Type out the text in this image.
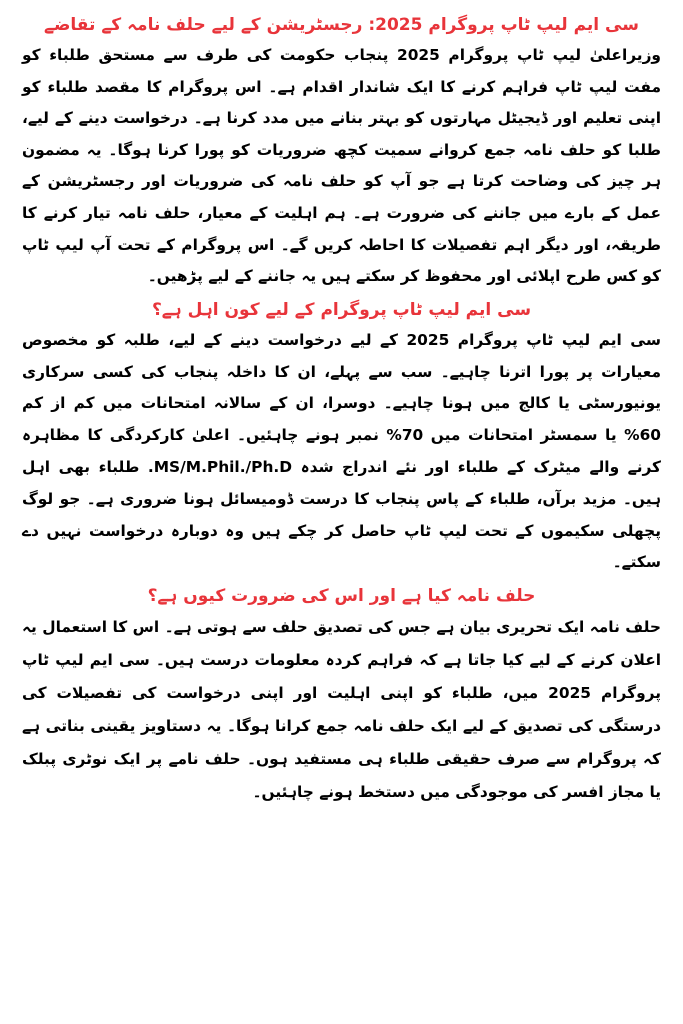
سی ایم لیپ ٹاپ پروگرام 2025: رجسٹریشن کے لیے حلف نامہ کے تقاضے

وزیراعلیٰ لیپ ٹاپ پروگرام 2025 پنجاب حکومت کی طرف سے مستحق طلباء کو مفت لیپ ٹاپ فراہم کرنے کا ایک شاندار اقدام ہے۔ اس پروگرام کا مقصد طلباء کو اپنی تعلیم اور ڈیجیٹل مہارتوں کو بہتر بنانے میں مدد کرنا ہے۔ درخواست دینے کے لیے، طلبا کو حلف نامہ جمع کروانے سمیت کچھ ضروریات کو پورا کرنا ہوگا۔ یہ مضمون ہر چیز کی وضاحت کرتا ہے جو آپ کو حلف نامہ کی ضروریات اور رجسٹریشن کے عمل کے بارے میں جاننے کی ضرورت ہے۔ ہم اہلیت کے معیار، حلف نامہ تیار کرنے کا طریقہ، اور دیگر اہم تفصیلات کا احاطہ کریں گے۔ اس پروگرام کے تحت آپ لیپ ٹاپ کو کس طرح اپلائی اور محفوظ کر سکتے ہیں یہ جاننے کے لیے پڑھیں۔

سی ایم لیپ ٹاپ پروگرام کے لیے کون اہل ہے؟

سی ایم لیپ ٹاپ پروگرام 2025 کے لیے درخواست دینے کے لیے، طلبہ کو مخصوص معیارات پر پورا اترنا چاہیے۔ سب سے پہلے، ان کا داخلہ پنجاب کی کسی سرکاری یونیورسٹی یا کالج میں ہونا چاہیے۔ دوسرا، ان کے سالانہ امتحانات میں کم از کم 60% یا سمسٹر امتحانات میں 70% نمبر ہونے چاہئیں۔ اعلیٰ کارکردگی کا مظاہرہ کرنے والے میٹرک کے طلباء اور نئے اندراج شدہ MS/M.Phil./Ph.D. طلباء بھی اہل ہیں۔ مزید برآں، طلباء کے پاس پنجاب کا درست ڈومیسائل ہونا ضروری ہے۔ جو لوگ پچھلی سکیموں کے تحت لیپ ٹاپ حاصل کر چکے ہیں وہ دوبارہ درخواست نہیں دے سکتے۔

حلف نامہ کیا ہے اور اس کی ضرورت کیوں ہے؟

حلف نامہ ایک تحریری بیان ہے جس کی تصدیق حلف سے ہوتی ہے۔ اس کا استعمال یہ اعلان کرنے کے لیے کیا جاتا ہے کہ فراہم کردہ معلومات درست ہیں۔ سی ایم لیپ ٹاپ پروگرام 2025 میں، طلباء کو اپنی اہلیت اور اپنی درخواست کی تفصیلات کی درستگی کی تصدیق کے لیے ایک حلف نامہ جمع کرانا ہوگا۔ یہ دستاویز یقینی بناتی ہے کہ پروگرام سے صرف حقیقی طلباء ہی مستفید ہوں۔ حلف نامے پر ایک نوٹری پبلک یا مجاز افسر کی موجودگی میں دستخط ہونے چاہئیں۔
